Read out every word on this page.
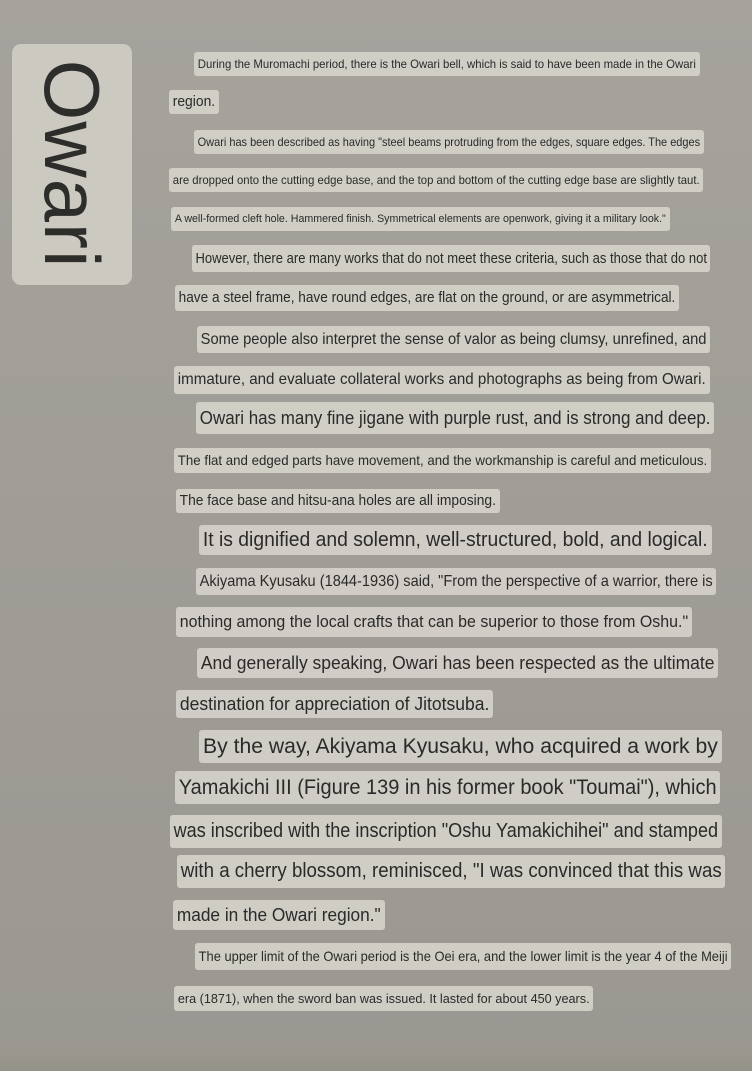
Owari	During the Muromachi period, there is the Owari bell, which is said to have been made in the Owari
region.
Owari has been described as having "steel beams protruding from the edges, square edges. The edges
are dropped onto the cutting edge base, and the top and bottom of the cutting edge base are slightly taut.
A well-formed cleft hole. Hammered finish. Symmetrical elements are openwork, giving it a military look."
However, there are many works that do not meet these criteria, such as those that do not
have a steel frame, have round edges, are flat on the ground, or are asymmetrical.
Some people also interpret the sense of valor as being clumsy, unrefined, and
immature, and evaluate collateral works and photographs as being from Owari.
Owari has many fine jigane with purple rust, and is strong and deep.
The flat and edged parts have movement, and the workmanship is careful and meticulous.
The face base and hitsu-ana holes are all imposing.
It is dignified and solemn, well-structured, bold, and logical.
Akiyama Kyusaku (1844-1936) said, "From the perspective of a warrior, there is
nothing among the local crafts that can be superior to those from Oshu."
And generally speaking, Owari has been respected as the ultimate
destination for appreciation of Jitotsuba.
By the way, Akiyama Kyusaku, who acquired a work by
Yamakichi III (Figure 139 in his former book "Toumai"), which
was inscribed with the inscription "Oshu Yamakichihei" and stamped
with a cherry blossom, reminisced, "I was convinced that this was
made in the Owari region."
The upper limit of the Owari period is the Oei era, and the lower limit is the year 4 of the Meiji
era (1871), when the sword ban was issued. It lasted for about 450 years.
